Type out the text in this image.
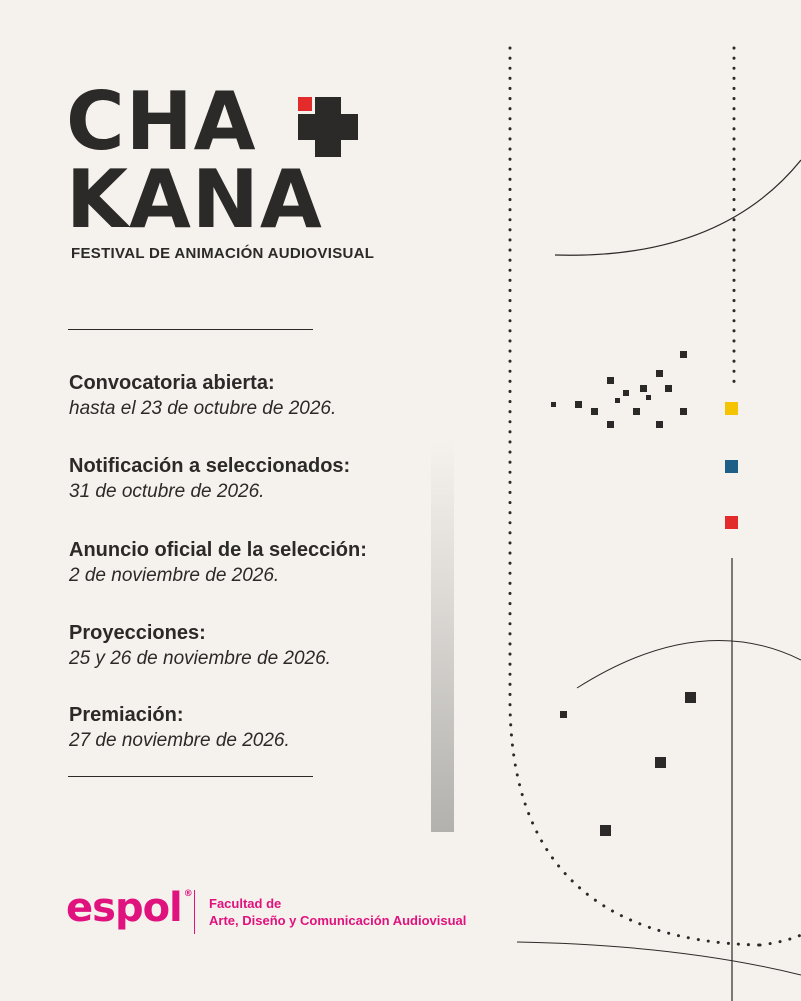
CHA
KANA
FESTIVAL DE ANIMACIÓN AUDIOVISUAL
Convocatoria abierta:
hasta el 23 de octubre de 2026.
Notificación a seleccionados:
31 de octubre de 2026.
Anuncio oficial de la selección:
2 de noviembre de 2026.
Proyecciones:
25 y 26 de noviembre de 2026.
Premiación:
27 de noviembre de 2026.
espol ®
Facultad de
Arte, Diseño y Comunicación Audiovisual
